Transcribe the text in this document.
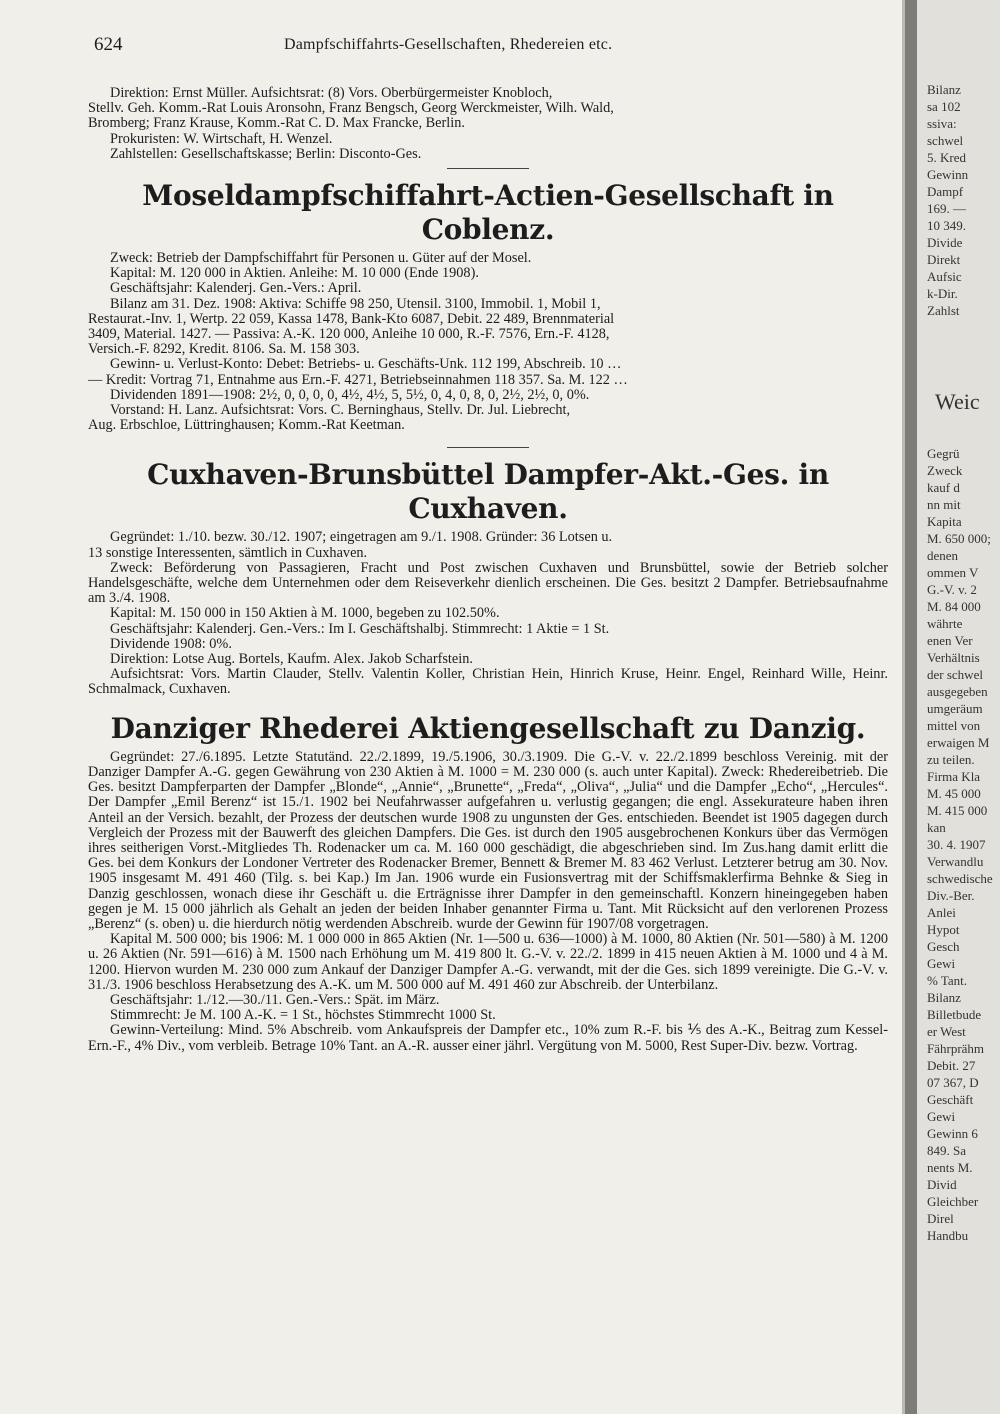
624	Dampfschiffahrts-Gesellschaften, Rhedereien etc.

Direktion: Ernst Müller. Aufsichtsrat: (8) Vors. Oberbürgermeister Knobloch,

Stellv. Geh. Komm.-Rat Louis Aronsohn, Franz Bengsch, Georg Werckmeister, Wilh. Wald,

Bromberg; Franz Krause, Komm.-Rat C. D. Max Francke, Berlin.

Prokuristen: W. Wirtschaft, H. Wenzel.

Zahlstellen: Gesellschaftskasse; Berlin: Disconto-Ges.

Moseldampfschiffahrt-Actien-Gesellschaft in Coblenz.

Zweck: Betrieb der Dampfschiffahrt für Personen u. Güter auf der Mosel.

Kapital: M. 120 000 in Aktien. Anleihe: M. 10 000 (Ende 1908).

Geschäftsjahr: Kalenderj. Gen.-Vers.: April.

Bilanz am 31. Dez. 1908: Aktiva: Schiffe 98 250, Utensil. 3100, Immobil. 1, Mobil 1,

Restaurat.-Inv. 1, Wertp. 22 059, Kassa 1478, Bank-Kto 6087, Debit. 22 489, Brennmaterial

3409, Material. 1427. — Passiva: A.-K. 120 000, Anleihe 10 000, R.-F. 7576, Ern.-F. 4128,

Versich.-F. 8292, Kredit. 8106. Sa. M. 158 303.

Gewinn- u. Verlust-Konto: Debet: Betriebs- u. Geschäfts-Unk. 112 199, Abschreib. 10 …

— Kredit: Vortrag 71, Entnahme aus Ern.-F. 4271, Betriebseinnahmen 118 357. Sa. M. 122 …

Dividenden 1891—1908: 2½, 0, 0, 0, 0, 4½, 4½, 5, 5½, 0, 4, 0, 8, 0, 2½, 2½, 0, 0%.

Vorstand: H. Lanz. Aufsichtsrat: Vors. C. Berninghaus, Stellv. Dr. Jul. Liebrecht,

Aug. Erbschloe, Lüttringhausen; Komm.-Rat Keetman.

Cuxhaven-Brunsbüttel Dampfer-Akt.-Ges. in Cuxhaven.

Gegründet: 1./10. bezw. 30./12. 1907; eingetragen am 9./1. 1908. Gründer: 36 Lotsen u.

13 sonstige Interessenten, sämtlich in Cuxhaven.

Zweck: Beförderung von Passagieren, Fracht und Post zwischen Cuxhaven und Brunsbüttel, sowie der Betrieb solcher Handelsgeschäfte, welche dem Unternehmen oder dem Reiseverkehr dienlich erscheinen. Die Ges. besitzt 2 Dampfer. Betriebsaufnahme am 3./4. 1908.

Kapital: M. 150 000 in 150 Aktien à M. 1000, begeben zu 102.50%.

Geschäftsjahr: Kalenderj. Gen.-Vers.: Im I. Geschäftshalbj. Stimmrecht: 1 Aktie = 1 St.

Dividende 1908: 0%.

Direktion: Lotse Aug. Bortels, Kaufm. Alex. Jakob Scharfstein.

Aufsichtsrat: Vors. Martin Clauder, Stellv. Valentin Koller, Christian Hein, Hinrich Kruse, Heinr. Engel, Reinhard Wille, Heinr. Schmalmack, Cuxhaven.

Danziger Rhederei Aktiengesellschaft zu Danzig.

Gegründet: 27./6.1895. Letzte Statutänd. 22./2.1899, 19./5.1906, 30./3.1909. Die G.-V. v. 22./2.1899 beschloss Vereinig. mit der Danziger Dampfer A.-G. gegen Gewährung von 230 Aktien à M. 1000 = M. 230 000 (s. auch unter Kapital). Zweck: Rhedereibetrieb. Die Ges. besitzt Dampferparten der Dampfer „Blonde“, „Annie“, „Brunette“, „Freda“, „Oliva“, „Julia“ und die Dampfer „Echo“, „Hercules“. Der Dampfer „Emil Berenz“ ist 15./1. 1902 bei Neufahrwasser aufgefahren u. verlustig gegangen; die engl. Assekurateure haben ihren Anteil an der Versich. bezahlt, der Prozess der deutschen wurde 1908 zu ungunsten der Ges. entschieden. Beendet ist 1905 dagegen durch Vergleich der Prozess mit der Bauwerft des gleichen Dampfers. Die Ges. ist durch den 1905 ausgebrochenen Konkurs über das Vermögen ihres seitherigen Vorst.-Mitgliedes Th. Rodenacker um ca. M. 160 000 geschädigt, die abgeschrieben sind. Im Zus.hang damit erlitt die Ges. bei dem Konkurs der Londoner Vertreter des Rodenacker Bremer, Bennett & Bremer M. 83 462 Verlust. Letzterer betrug am 30. Nov. 1905 insgesamt M. 491 460 (Tilg. s. bei Kap.) Im Jan. 1906 wurde ein Fusionsvertrag mit der Schiffsmaklerfirma Behnke & Sieg in Danzig geschlossen, wonach diese ihr Geschäft u. die Erträgnisse ihrer Dampfer in den gemeinschaftl. Konzern hineingegeben haben gegen je M. 15 000 jährlich als Gehalt an jeden der beiden Inhaber genannter Firma u. Tant. Mit Rücksicht auf den verlorenen Prozess „Berenz“ (s. oben) u. die hierdurch nötig werdenden Abschreib. wurde der Gewinn für 1907/08 vorgetragen.

Kapital M. 500 000; bis 1906: M. 1 000 000 in 865 Aktien (Nr. 1—500 u. 636—1000) à M. 1000, 80 Aktien (Nr. 501—580) à M. 1200 u. 26 Aktien (Nr. 591—616) à M. 1500 nach Erhöhung um M. 419 800 lt. G.-V. v. 22./2. 1899 in 415 neuen Aktien à M. 1000 und 4 à M. 1200. Hiervon wurden M. 230 000 zum Ankauf der Danziger Dampfer A.-G. verwandt, mit der die Ges. sich 1899 vereinigte. Die G.-V. v. 31./3. 1906 beschloss Herabsetzung des A.-K. um M. 500 000 auf M. 491 460 zur Abschreib. der Unterbilanz.

Geschäftsjahr: 1./12.—30./11. Gen.-Vers.: Spät. im März.

Stimmrecht: Je M. 100 A.-K. = 1 St., höchstes Stimmrecht 1000 St.

Gewinn-Verteilung: Mind. 5% Abschreib. vom Ankaufspreis der Dampfer etc., 10% zum R.-F. bis ⅕ des A.-K., Beitrag zum Kessel-Ern.-F., 4% Div., vom verbleib. Betrage 10% Tant. an A.-R. ausser einer jährl. Vergütung von M. 5000, Rest Super-Div. bezw. Vortrag.

Bilanz
sa 102
ssiva:
schwel
5. Kred
Gewinn
Dampf
169. —
10 349.
Divide
Direkt
Aufsic
k-Dir.
Zahlst
Weic
Gegrü
Zweck
kauf d
nn mit
Kapita
M. 650 000;
denen
ommen V
G.-V. v. 2
M. 84 000
währte
enen Ver
Verhältnis
der schwel
ausgegeben
umgeräum
mittel von
erwaigen M
zu teilen.
Firma Kla
M. 45 000
M. 415 000
kan
30. 4. 1907
Verwandlu
schwedische
Div.-Ber.
Anlei
Hypot
Gesch
Gewi
% Tant.
Bilanz
Billetbude
er West
Fährprähm
Debit. 27
07 367, D
Geschäft
Gewi
Gewinn 6
849. Sa
nents M.
Divid
Gleichber
Direl
Handbu
